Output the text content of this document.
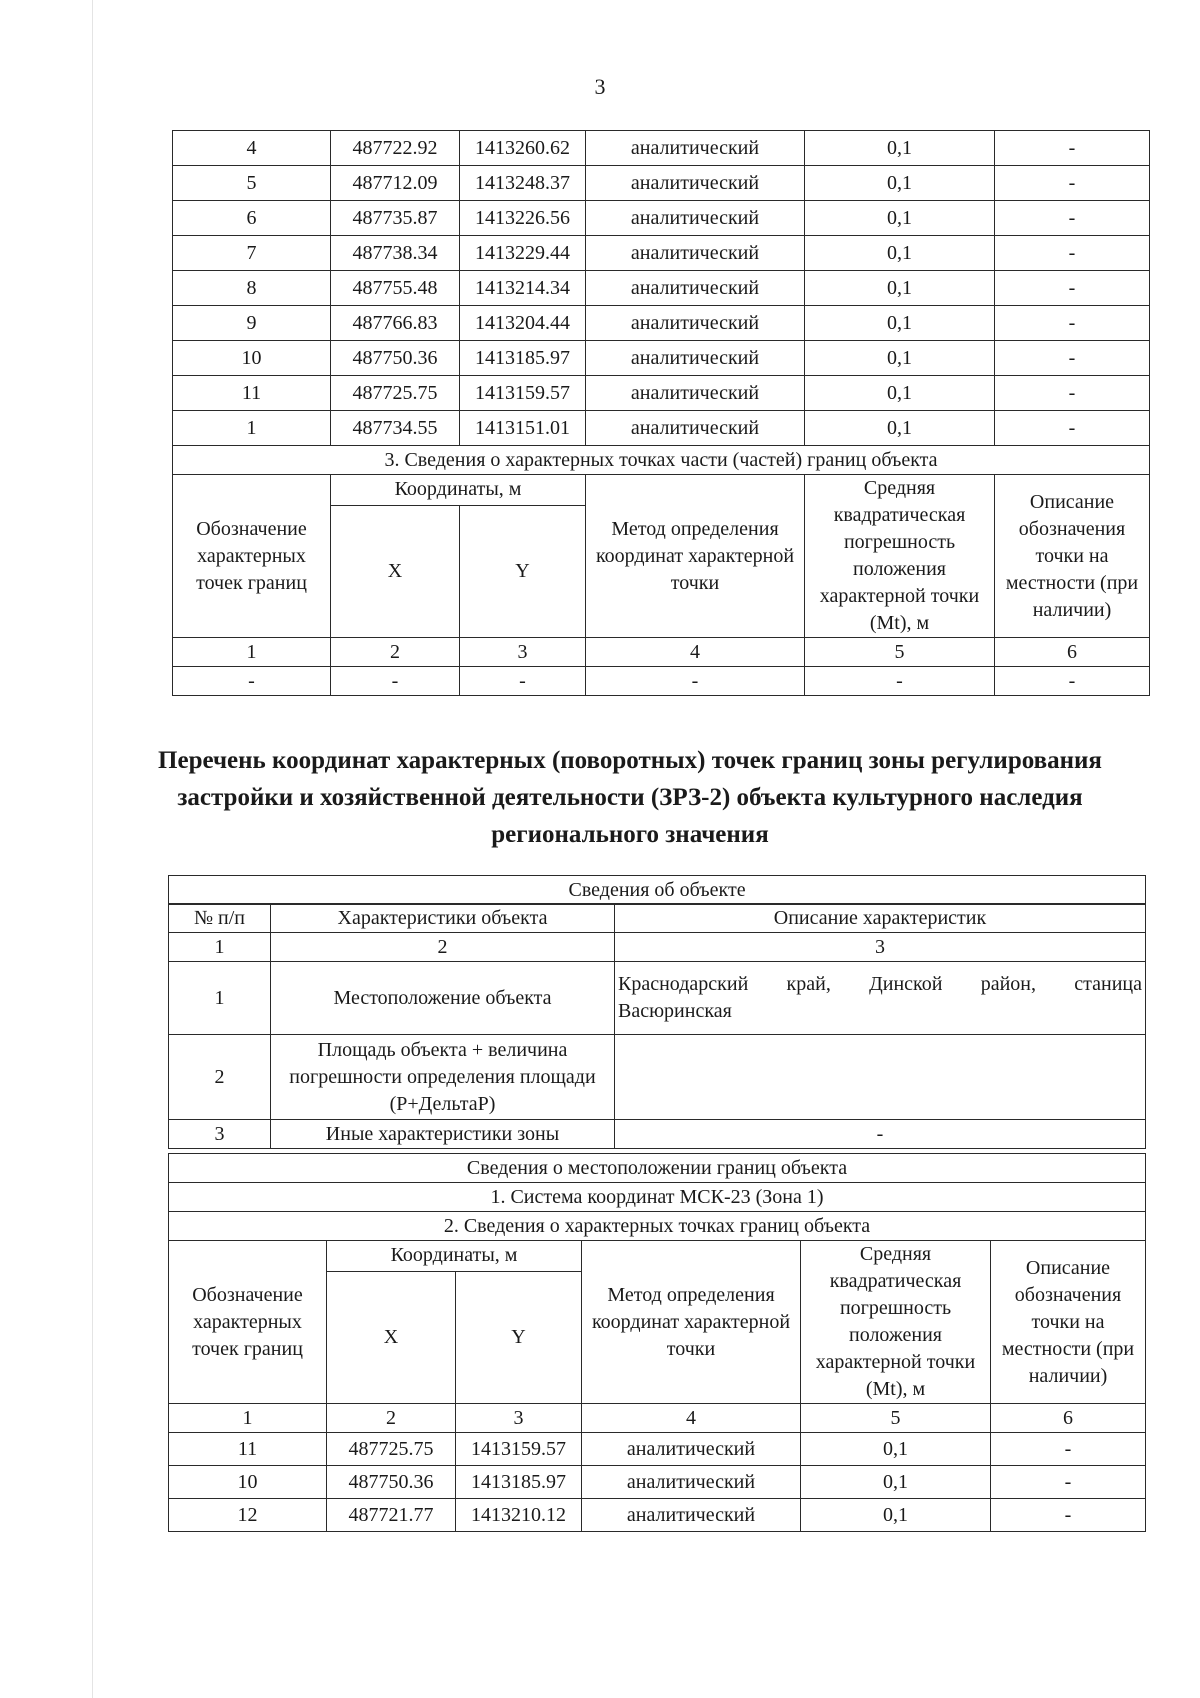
3
4	487722.92	1413260.62	аналитический	0,1	-
5	487712.09	1413248.37	аналитический	0,1	-
6	487735.87	1413226.56	аналитический	0,1	-
7	487738.34	1413229.44	аналитический	0,1	-
8	487755.48	1413214.34	аналитический	0,1	-
9	487766.83	1413204.44	аналитический	0,1	-
10	487750.36	1413185.97	аналитический	0,1	-
11	487725.75	1413159.57	аналитический	0,1	-
1	487734.55	1413151.01	аналитический	0,1	-
3. Сведения о характерных точках части (частей) границ объекта					
Обозначение характерных точек границ	Координаты, м		Метод определения координат характерной точки	Средняя квадратическая погрешность положения характерной точки (Mt), м	Описание обозначения точки на местности (при наличии)
	X	Y			
1	2	3	4	5	6
-	-	-	-	-	-
Перечень координат характерных (поворотных) точек границ зоны регулирования застройки и хозяйственной деятельности (ЗРЗ-2) объекта культурного наследия регионального значения
Сведения об объекте
№ п/п	Характеристики объекта	Описание характеристик
1	2	3
1	Местоположение объекта	Краснодарский край, Динской район, станица
Васюринская

2	Площадь объекта + величина погрешности определения площади (P+ДельтаP)	
3	Иные характеристики зоны	-
Сведения о местоположении границ объекта					
1. Система координат МСК-23 (Зона 1)					
2. Сведения о характерных точках границ объекта					
Обозначение характерных точек границ	Координаты, м		Метод определения координат характерной точки	Средняя квадратическая погрешность положения характерной точки (Mt), м	Описание обозначения точки на местности (при наличии)
	X	Y			
1	2	3	4	5	6
11	487725.75	1413159.57	аналитический	0,1	-
10	487750.36	1413185.97	аналитический	0,1	-
12	487721.77	1413210.12	аналитический	0,1	-
